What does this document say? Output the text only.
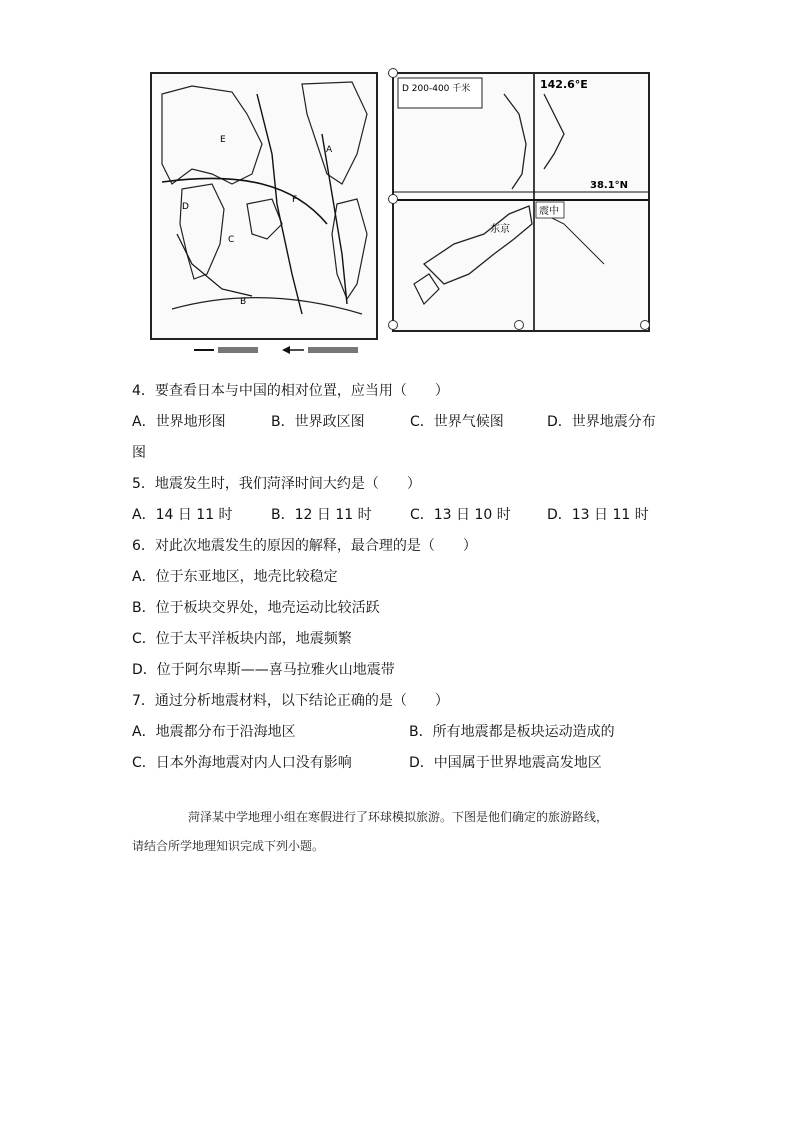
E
A
D
F
C
B
D 200-400 千米	142.6°E
38.1°N
震中
东京
4．要查看日本与中国的相对位置，应当用（　　）
A．世界地形图	B．世界政区图	C．世界气候图	D．世界地震分布
图
5．地震发生时，我们菏泽时间大约是（　　）
A．14 日 11 时	B．12 日 11 时	C．13 日 10 时	D．13 日 11 时
6．对此次地震发生的原因的解释，最合理的是（　　）
A．位于东亚地区，地壳比较稳定
B．位于板块交界处，地壳运动比较活跃
C．位于太平洋板块内部，地震频繁
D．位于阿尔卑斯——喜马拉雅火山地震带
7．通过分析地震材料，以下结论正确的是（　　）
A．地震都分布于沿海地区	B．所有地震都是板块运动造成的
C．日本外海地震对内人口没有影响	D．中国属于世界地震高发地区
菏泽某中学地理小组在寒假进行了环球模拟旅游。下图是他们确定的旅游路线，
请结合所学地理知识完成下列小题。
